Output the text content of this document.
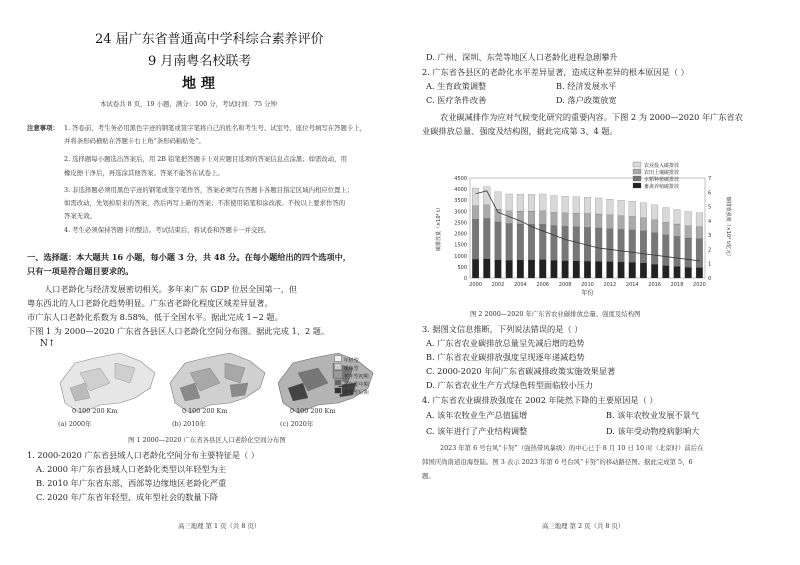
24 届广东省普通高中学科综合素养评价
9 月南粤名校联考
地 理
本试卷共 8 页，19 小题，满分：100 分，考试时间：75 分钟
注意事项： 1. 答卷前，考生务必用黑色字迹的钢笔或签字笔将自己的姓名和考生号、试室号、座位号填写在答题卡上，
并将条形码横贴在答题卡右上角“条形码粘贴处”。
2. 选择题每小题选出答案后，用 2B 铅笔把答题卡上对应题目选项的答案信息点涂黑；如需改动，用
橡皮擦干净后，再选涂其他答案。答案不能答在试卷上。
3. 非选择题必须用黑色字迹的钢笔或签字笔作答，答案必须写在答题卡各题目指定区域内相应位置上；
如需改动，先划掉原来的答案，然后再写上新的答案；不准使用铅笔和涂改液。不按以上要求作答的
答案无效。
4. 考生必须保持答题卡的整洁。考试结束后，将试卷和答题卡一并交回。
一、选择题：本大题共 16 小题，每小题 3 分，共 48 分。在每小题给出的四个选项中，
只有一项是符合题目要求的。
人口老龄化与经济发展密切相关。多年来广东 GDP 位居全国第一，但
粤东西北的人口老龄化趋势明显。广东省老龄化程度区域差异显著。
市广东人口老龄化系数为 8.58%，低于全国水平。据此完成 1~2 题。
下图 1 为 2000—2020 广东省各县区人口老龄化空间分布图。据此完成 1、2 题。
N↑
0 100 200 Km
(a) 2000年
0 100 200 Km
(b) 2010年
0 100 200 Km
(c) 2020年
年轻型
成年型
老年型初期
老年型中期
老年型后期
图 1 2000—2020 广东省各县区人口老龄化空间分布图
1. 2000-2020 广东省县域人口老龄化空间分布主要特征是（ ）
A. 2000 年广东省县域人口老龄化类型以年轻型为主
B. 2010 年广东省东部、西部等边缘地区老龄化严重
C. 2020 年广东省年轻型、成年型社会的数量下降
高三地理 第 1 页（共 8 页）
D. 广州、深圳、东莞等地区人口老龄化进程急剧攀升
2. 广东省各县区的老龄化水平差异显著，造成这种差异的根本原因是（ ）
A. 生育政策调整	B. 经济发展水平
C. 医疗条件改善	D. 落户政策放宽
农业碳减排作为应对气候变化研究的重要内容。下图 2 为 2000—2020 年广东省农
业碳排放总量、强度及结构图，据此完成第 3、4 题。
0
500
1000
1500
2000
2500
3000
3500
4000
4500
0
1
2
3
4
5
6
7
2000 2002 2004 2006 2008 2010 2012 2014 2016 2018 2020
年份
碳排放量（×10⁴ t）	碳排放强度（×10⁴ t/亿元）
农业投入碳排放
农田土壤碳排放
水稻种植碳排放
畜禽养殖碳排放
图 2 2000—2020 年广东省农业碳排放总量、强度及结构图
3. 据图文信息推断，下列说法错误的是（ ）
A. 广东省农业碳排放总量呈先减后增的趋势
B. 广东省农业碳排放强度呈现逐年递减趋势
C. 2000-2020 年间广东省碳减排政策实施效果显著
D. 广东省农业生产方式绿色转型面临较小压力
4. 广东省农业碳排放强度在 2002 年陡然下降的主要原因是（ ）
A. 该年农牧业生产总值猛增	B. 该年农牧业发展不景气
C. 该年进行了产业结构调整	D. 该年受动物疫病影响大
2023 年第 6 号台风“卡努”（强热带风暴级）的中心已于 8 月 10 日 10 时（北京时）前后在
韩国庆尚南道沿海登陆。图 3 表示 2023 年第 6 号台风“卡努”的移动路径图。据此完成第 5、6
题。
高三地理 第 2 页（共 8 页）
